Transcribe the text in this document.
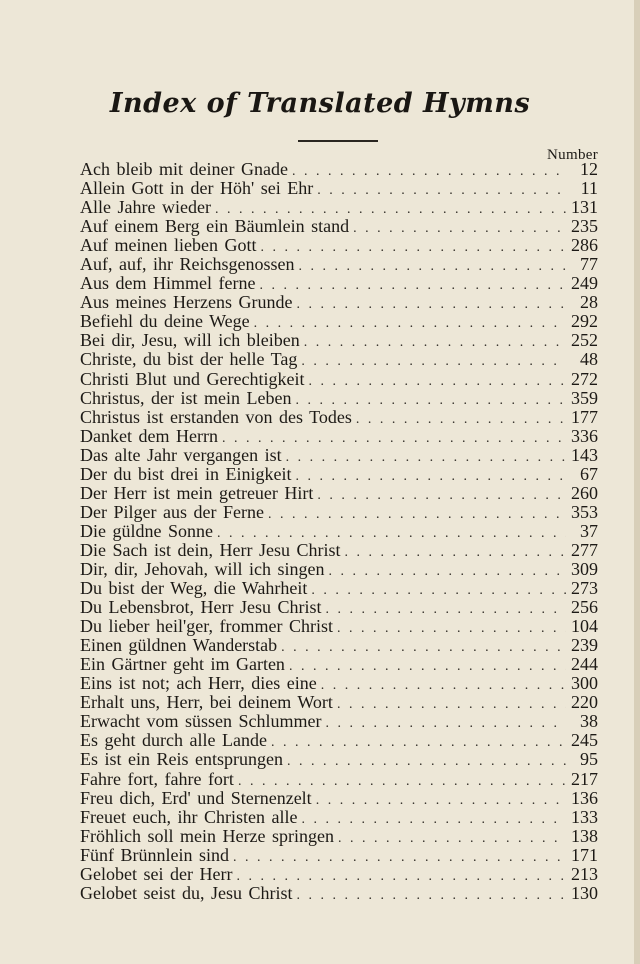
Index of Translated Hymns
Number
Ach bleib mit deiner Gnade . . .	12
Allein Gott in der Höh' sei Ehr . . .	11
Alle Jahre wieder . . .	131
Auf einem Berg ein Bäumlein stand . . .	235
Auf meinen lieben Gott . . .	286
Auf, auf, ihr Reichsgenossen . . .	77
Aus dem Himmel ferne . . .	249
Aus meines Herzens Grunde . . .	28
Befiehl du deine Wege . . .	292
Bei dir, Jesu, will ich bleiben . . .	252
Christe, du bist der helle Tag . . .	48
Christi Blut und Gerechtigkeit . . .	272
Christus, der ist mein Leben . . .	359
Christus ist erstanden von des Todes . . .	177
Danket dem Herrn . . .	336
Das alte Jahr vergangen ist . . .	143
Der du bist drei in Einigkeit . . .	67
Der Herr ist mein getreuer Hirt . . .	260
Der Pilger aus der Ferne . . .	353
Die güldne Sonne . . .	37
Die Sach ist dein, Herr Jesu Christ . . .	277
Dir, dir, Jehovah, will ich singen . . .	309
Du bist der Weg, die Wahrheit . . .	273
Du Lebensbrot, Herr Jesu Christ . . .	256
Du lieber heil'ger, frommer Christ . . .	104
Einen güldnen Wanderstab . . .	239
Ein Gärtner geht im Garten . . .	244
Eins ist not; ach Herr, dies eine . . .	300
Erhalt uns, Herr, bei deinem Wort . . .	220
Erwacht vom süssen Schlummer . . .	38
Es geht durch alle Lande . . .	245
Es ist ein Reis entsprungen . . .	95
Fahre fort, fahre fort . . .	217
Freu dich, Erd' und Sternenzelt . . .	136
Freuet euch, ihr Christen alle . . .	133
Fröhlich soll mein Herze springen . . .	138
Fünf Brünnlein sind . . .	171
Gelobet sei der Herr . . .	213
Gelobet seist du, Jesu Christ . . .	130
